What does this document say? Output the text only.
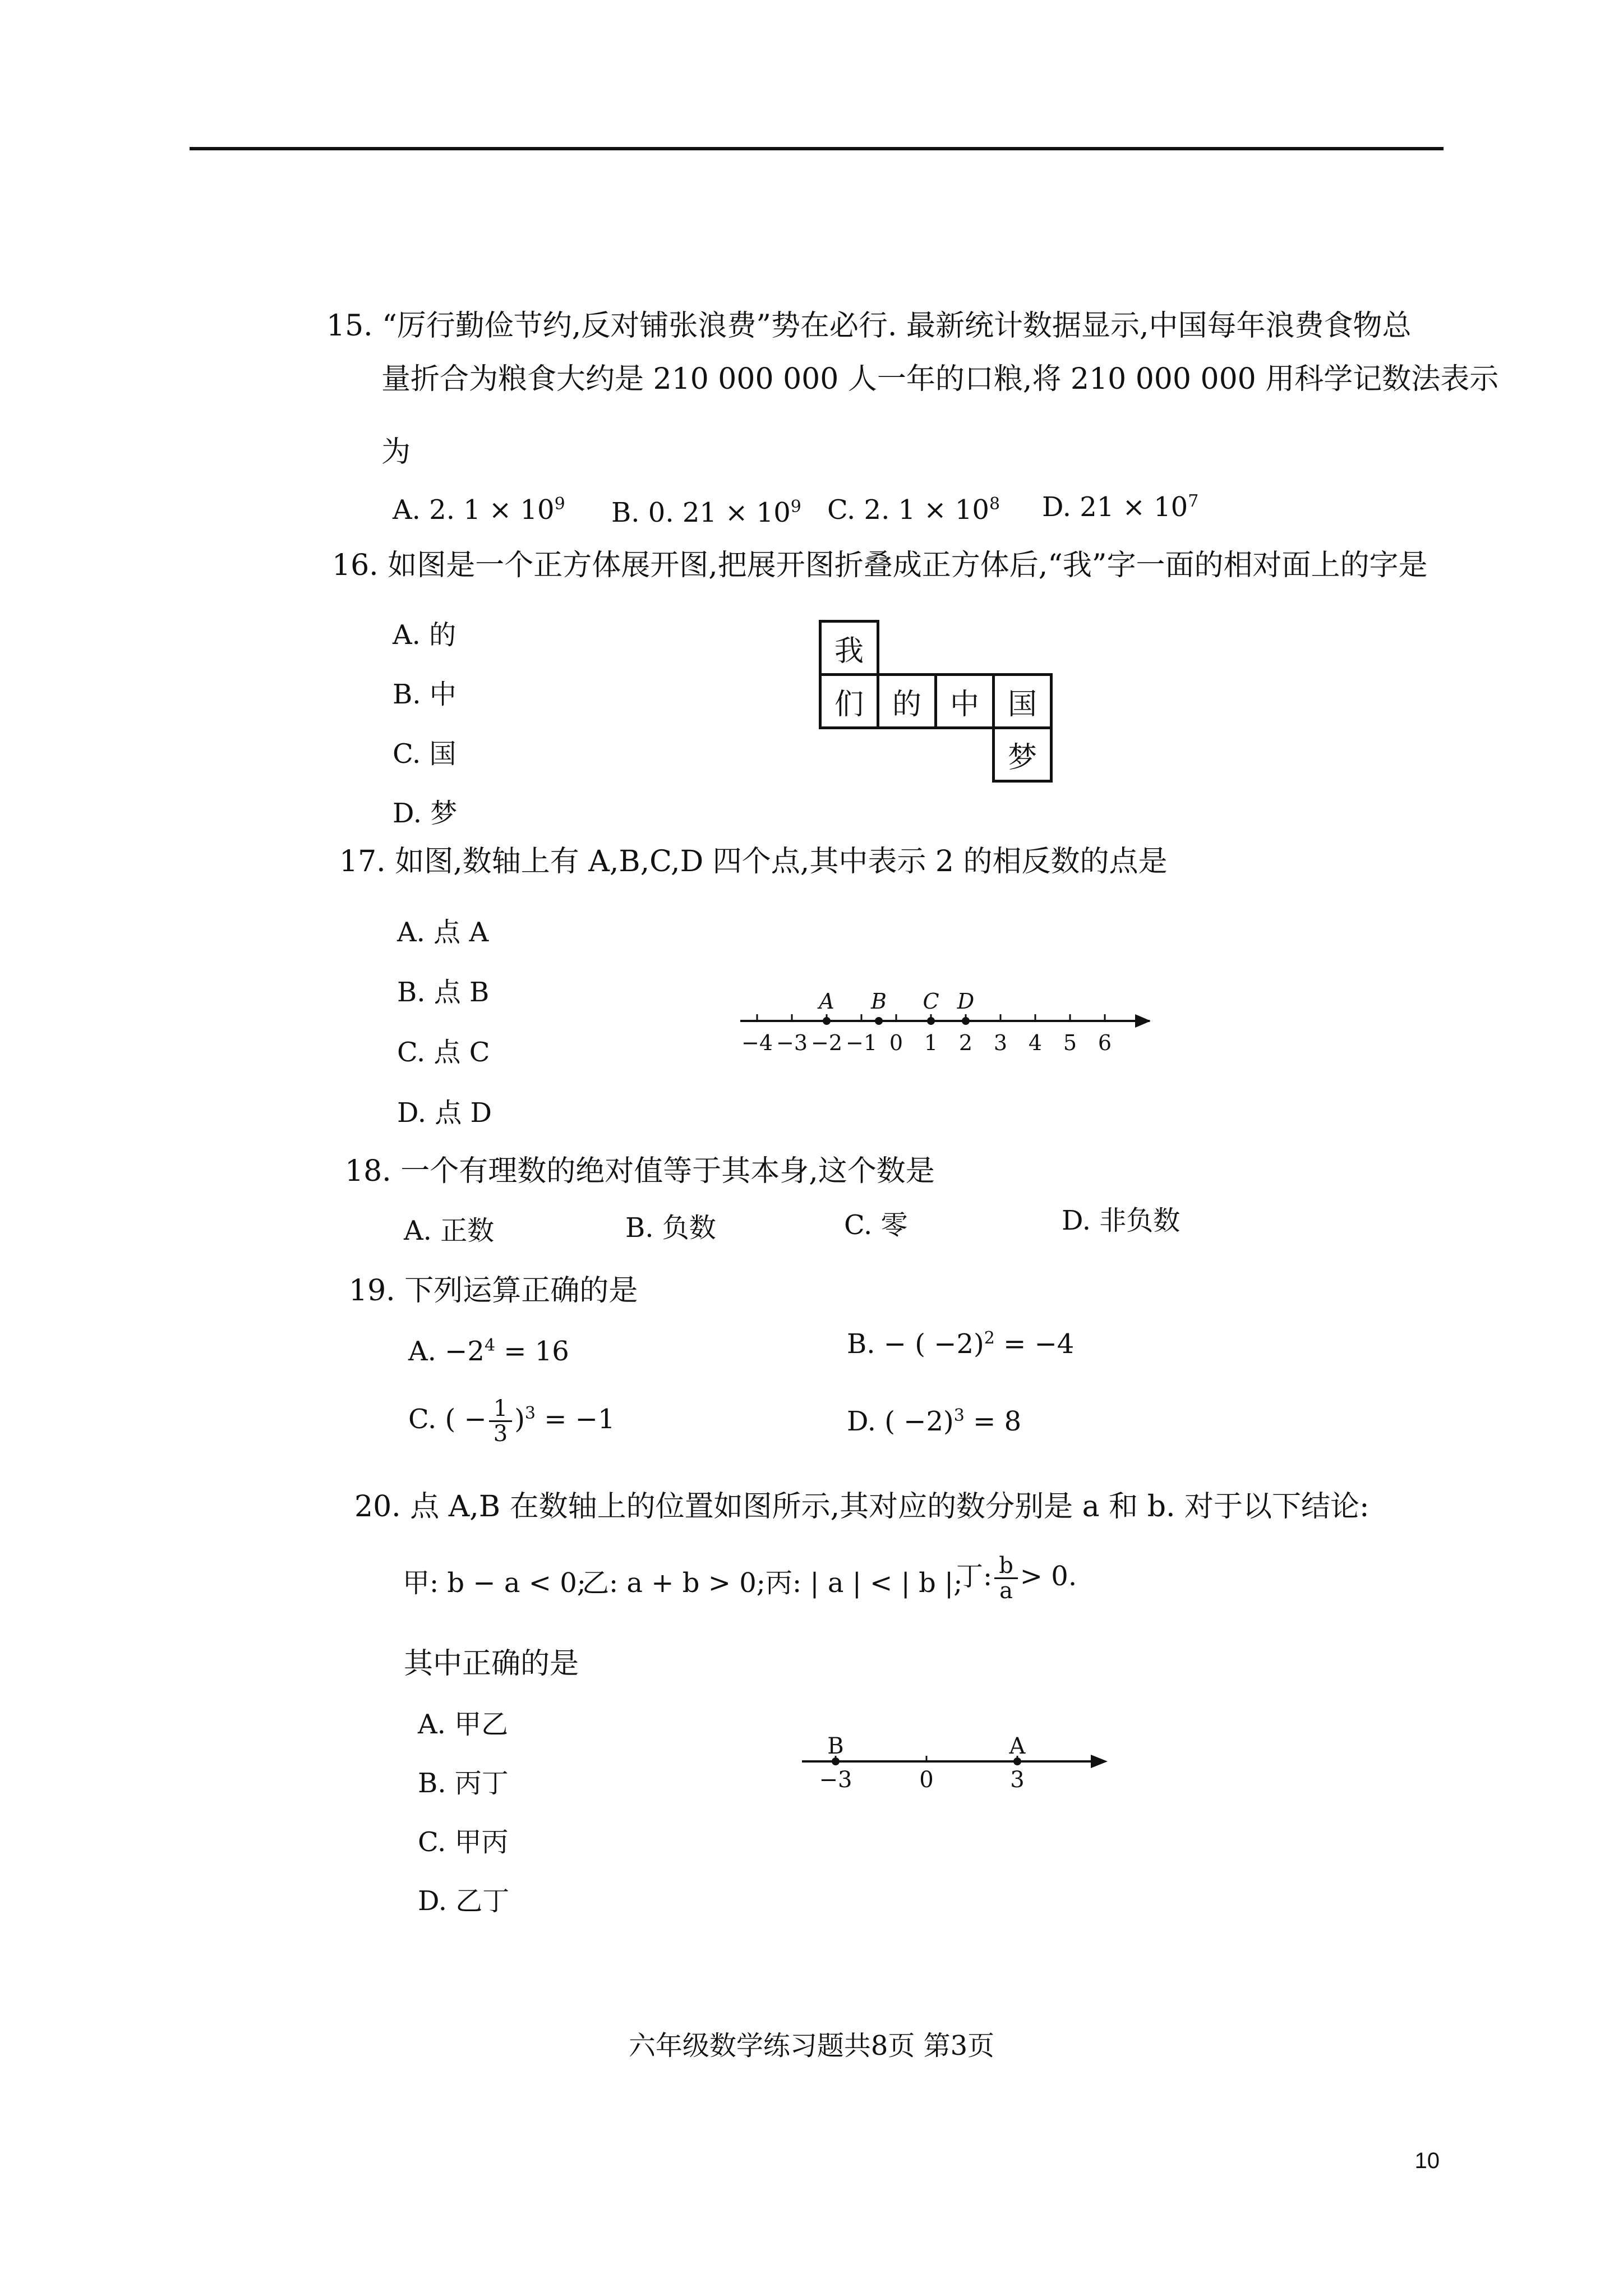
15. “厉行勤俭节约,反对铺张浪费”势在必行. 最新统计数据显示,中国每年浪费食物总
量折合为粮食大约是 210 000 000 人一年的口粮,将 210 000 000 用科学记数法表示
为
A. 2. $1 \times 10^9$ B. 0. $21 \times 10^9$ C. 2. $1 \times 10^8$ D. $21 \times 10^7$
16. 如图是一个正方体展开图,把展开图折叠成正方体后,“我”字一面的相对面上的字是
A. 的
B. 中
C. 国
D. 梦
我
们 的 中 国
梦
17. 如图,数轴上有 A,B,C,D 四个点,其中表示 2 的相反数的点是
A. 点 A
B. 点 B
C. 点 C
D. 点 D
−4 −3 −2 −1 0 1 2 3 4 5 6
A B C D
18. 一个有理数的绝对值等于其本身,这个数是
A. 正数	B. 负数	C. 零	D. 非负数
19. 下列运算正确的是
A. $-2^4 = 16$	B. − ( −2)$^2$ = −4
C. ( − $\frac{1}{3} )^3 = -1$	D. ( −2)$^3$ = 8
20. 点 A,B 在数轴上的位置如图所示,其对应的数分别是 a 和 b. 对于以下结论:
甲: b − a < 0;
乙: a + b > 0; 丙: | a | < | b |;
丁: $\frac{b}{a} > 0$.
其中正确的是
A. 甲乙
B. 丙丁
C. 甲丙
D. 乙丁
−3	0	3
B	A
六年级数学练习题共8页 第3页
10
